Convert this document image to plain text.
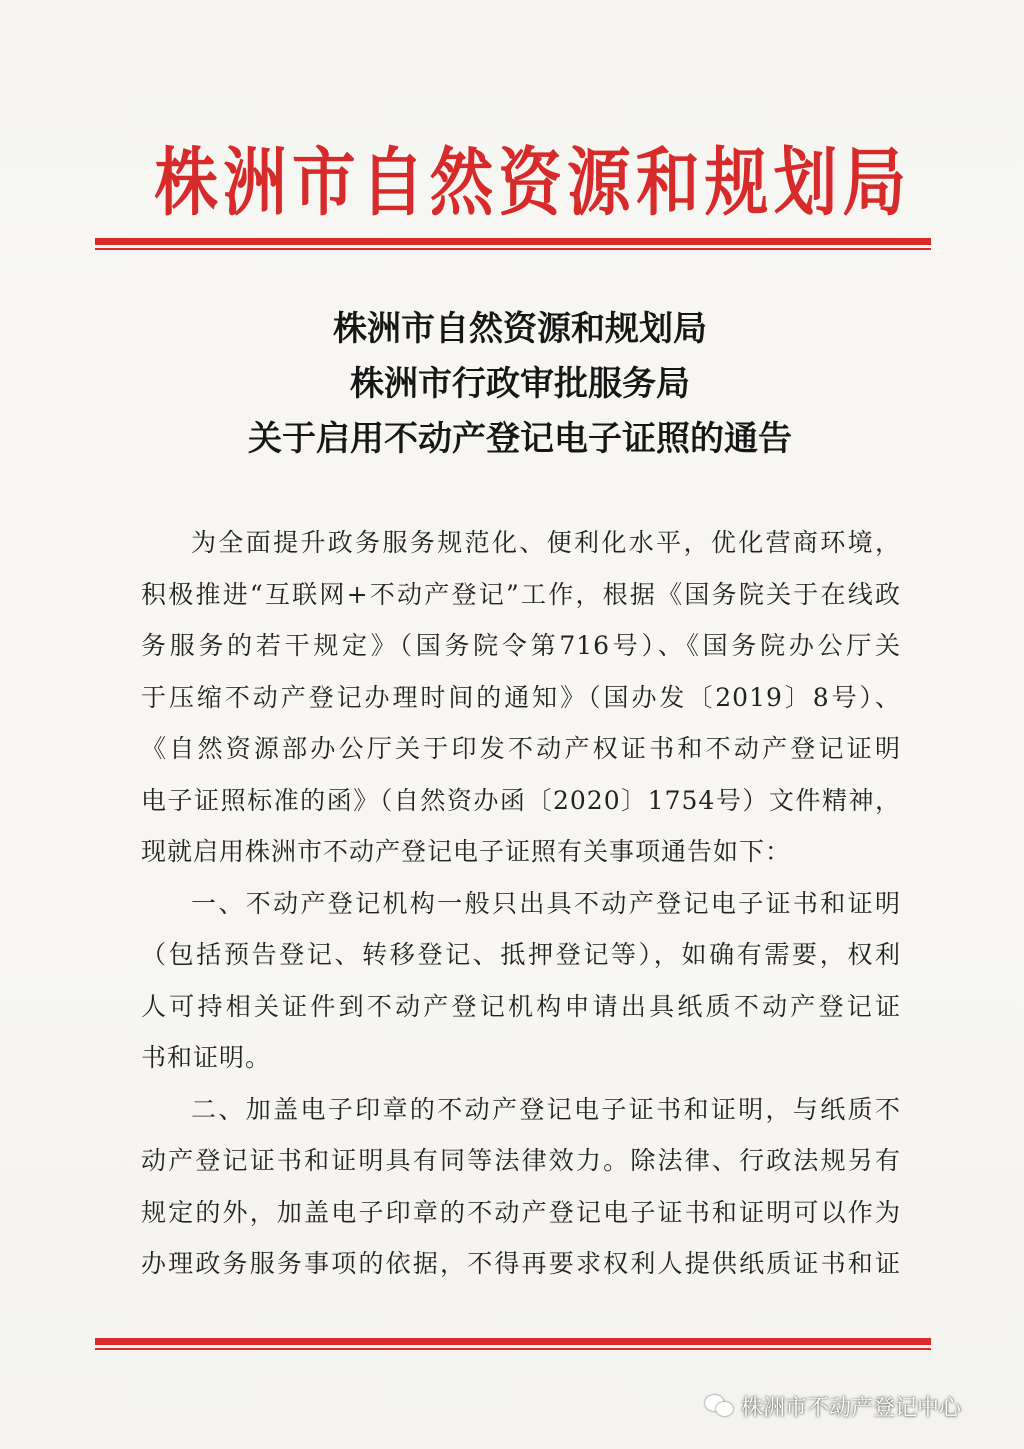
株洲市自然资源和规划局
株洲市自然资源和规划局
株洲市行政审批服务局
关于启用不动产登记电子证照的通告
为全面提升政务服务规范化、便利化水平，优化营商环境，
积极推进“互联网+不动产登记”工作，根据《国务院关于在线政
务服务的若干规定》（国务院令第716号）、《国务院办公厅关
于压缩不动产登记办理时间的通知》（国办发〔2019〕8号）、
《自然资源部办公厅关于印发不动产权证书和不动产登记证明
电子证照标准的函》（自然资办函〔2020〕1754号）文件精神，
现就启用株洲市不动产登记电子证照有关事项通告如下：
一、不动产登记机构一般只出具不动产登记电子证书和证明
（包括预告登记、转移登记、抵押登记等），如确有需要，权利
人可持相关证件到不动产登记机构申请出具纸质不动产登记证
书和证明。
二、加盖电子印章的不动产登记电子证书和证明，与纸质不
动产登记证书和证明具有同等法律效力。除法律、行政法规另有
规定的外，加盖电子印章的不动产登记电子证书和证明可以作为
办理政务服务事项的依据，不得再要求权利人提供纸质证书和证
株洲市不动产登记中心
